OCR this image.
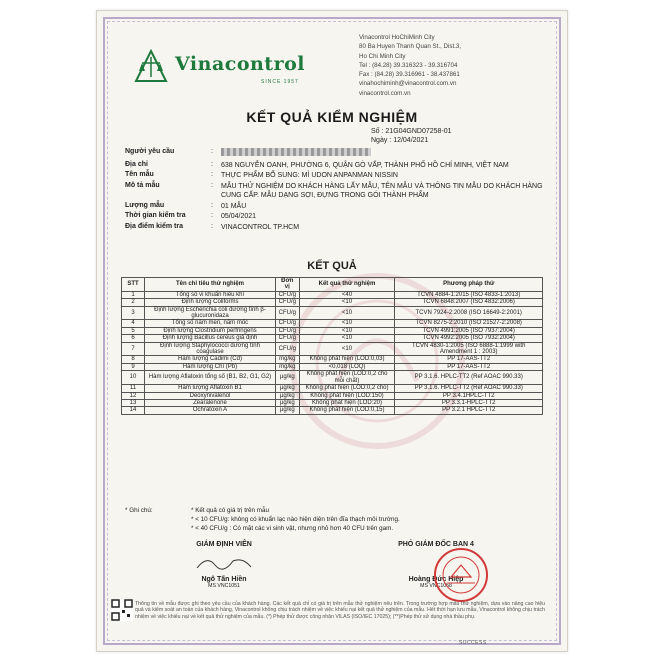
Vinacontrol
SINCE 1957
Vinacontrol HoChiMinh City
80 Ba Huyen Thanh Quan St., Dist.3,
Ho Chi Minh City
Tel : (84.28) 39.316323 - 39.316704
Fax : (84.28) 39.316961 - 38.437861
vinahochiminh@vinacontrol.com.vn
vinacontrol.com.vn
KẾT QUẢ KIỂM NGHIỆM
Số : 21G04GND07258-01
Ngày : 12/04/2021
Người yêu cầu	:
Địa chỉ	:	638 NGUYỄN OANH, PHƯỜNG 6, QUẬN GÒ VẤP, THÀNH PHỐ HỒ CHÍ MINH, VIỆT NAM
Tên mẫu	:	THỰC PHẨM BỔ SUNG: MÌ UDON ANPANMAN NISSIN
Mô tả mẫu	:	MẪU THỬ NGHIỆM DO KHÁCH HÀNG LẤY MẪU, TÊN MẪU VÀ THÔNG TIN MẪU DO KHÁCH HÀNG CUNG CẤP. MẪU DẠNG SỢI, ĐỰNG TRONG GÓI THÀNH PHẨM
Lượng mẫu	:	01 MẪU
Thời gian kiểm tra	:	05/04/2021
Địa điểm kiểm tra	:	VINACONTROL TP.HCM
KẾT QUẢ
STT	Tên chỉ tiêu thử nghiệm	Đơn vị	Kết quả thử nghiệm	Phương pháp thử
1	Tổng số vi khuẩn hiếu khí	CFU/g	<40	TCVN 4884-1:2015 (ISO 4833-1:2013)
2	Định lượng Coliforms	CFU/g	<10	TCVN 6848:2007 (ISO 4832:2006)
3	Định lượng Escherichia coli dương tính β-glucuronidaza	CFU/g	<10	TCVN 7924-2:2008 (ISO 16649-2:2001)
4	Tổng số nấm men, nấm mốc	CFU/g	<10	TCVN 8275-2:2010 (ISO 21527-2:2008)
5	Định lượng Clostridium perfringens	CFU/g	<10	TCVN 4991:2005 (ISO 7937:2004)
6	Định lượng Bacillus cereus giả định	CFU/g	<10	TCVN 4992:2005 (ISO 7932:2004)
7	Định lượng Staphylococci dương tính coagulase	CFU/g	<10	TCVN 4830-1:2005 (ISO 6888-1:1999 with Amendment 1 : 2003)
8	Hàm lượng Cadimi (Cd)	mg/kg	Không phát hiện (LOD:0,03)	PP 17-AAS-TT2
9	Hàm lượng Chì (Pb)	mg/kg	<0,018 (LOQ)	PP 17-AAS-TT2
10	Hàm lượng Aflatoxin tổng số (B1, B2, G1, G2)	µg/kg	Không phát hiện (LOD:0,2 cho mỗi chất)	PP 3.1.6. HPLC-TT2 (Ref AOAC 990.33)
11	Hàm lượng Aflatoxin B1	µg/kg	Không phát hiện (LOD:0,2 cho)	PP 3.1.6. HPLC-TT2 (Ref AOAC 990.33)
12	Deoxynivalenol	µg/kg	Không phát hiện (LOD:150)	PP 3.4.1HPLC-TT2
13	Zearalenone	µg/kg	Không phát hiện (LOD:20)	PP 3.3.1-HPLC-TT2
14	Ochratoxin A	µg/kg	Không phát hiện (LOD:0,15)	PP 3.2.1 HPLC-TT2
* Ghi chú:	* Kết quả có giá trị trên mẫu
* < 10 CFU/g: không có khuẩn lạc nào hiện diện trên đĩa thạch môi trường.
* < 40 CFU/g : Có mặt các vi sinh vật, nhưng nhỏ hơn 40 CFU trên gam.
GIÁM ĐỊNH VIÊN
Ngô Tấn Hiền
MS VNC1051
PHÓ GIÁM ĐỐC BAN 4
Hoàng Đức Hiệp
MS VNC1058
Thông tin về mẫu được ghi theo yêu cầu của khách hàng. Các kết quả chỉ có giá trị trên mẫu thử nghiệm nêu trên. Trong trường hợp mẫu thử nghiệm, dựa vào nâng cao hiệu quả và kiểm soát an toàn của khách hàng, Vinacontrol không chịu trách nhiệm về việc khiếu nại kết quả thử nghiệm của mẫu. Hết thời hạn lưu mẫu, Vinacontrol không chịu trách nhiệm về việc khiếu nại về kết quả thử nghiệm của mẫu. (*) Phép thử được công nhận VILAS (ISO/IEC 17025); (**)Phép thử sử dụng nhà thầu phụ.
SUCCESS
